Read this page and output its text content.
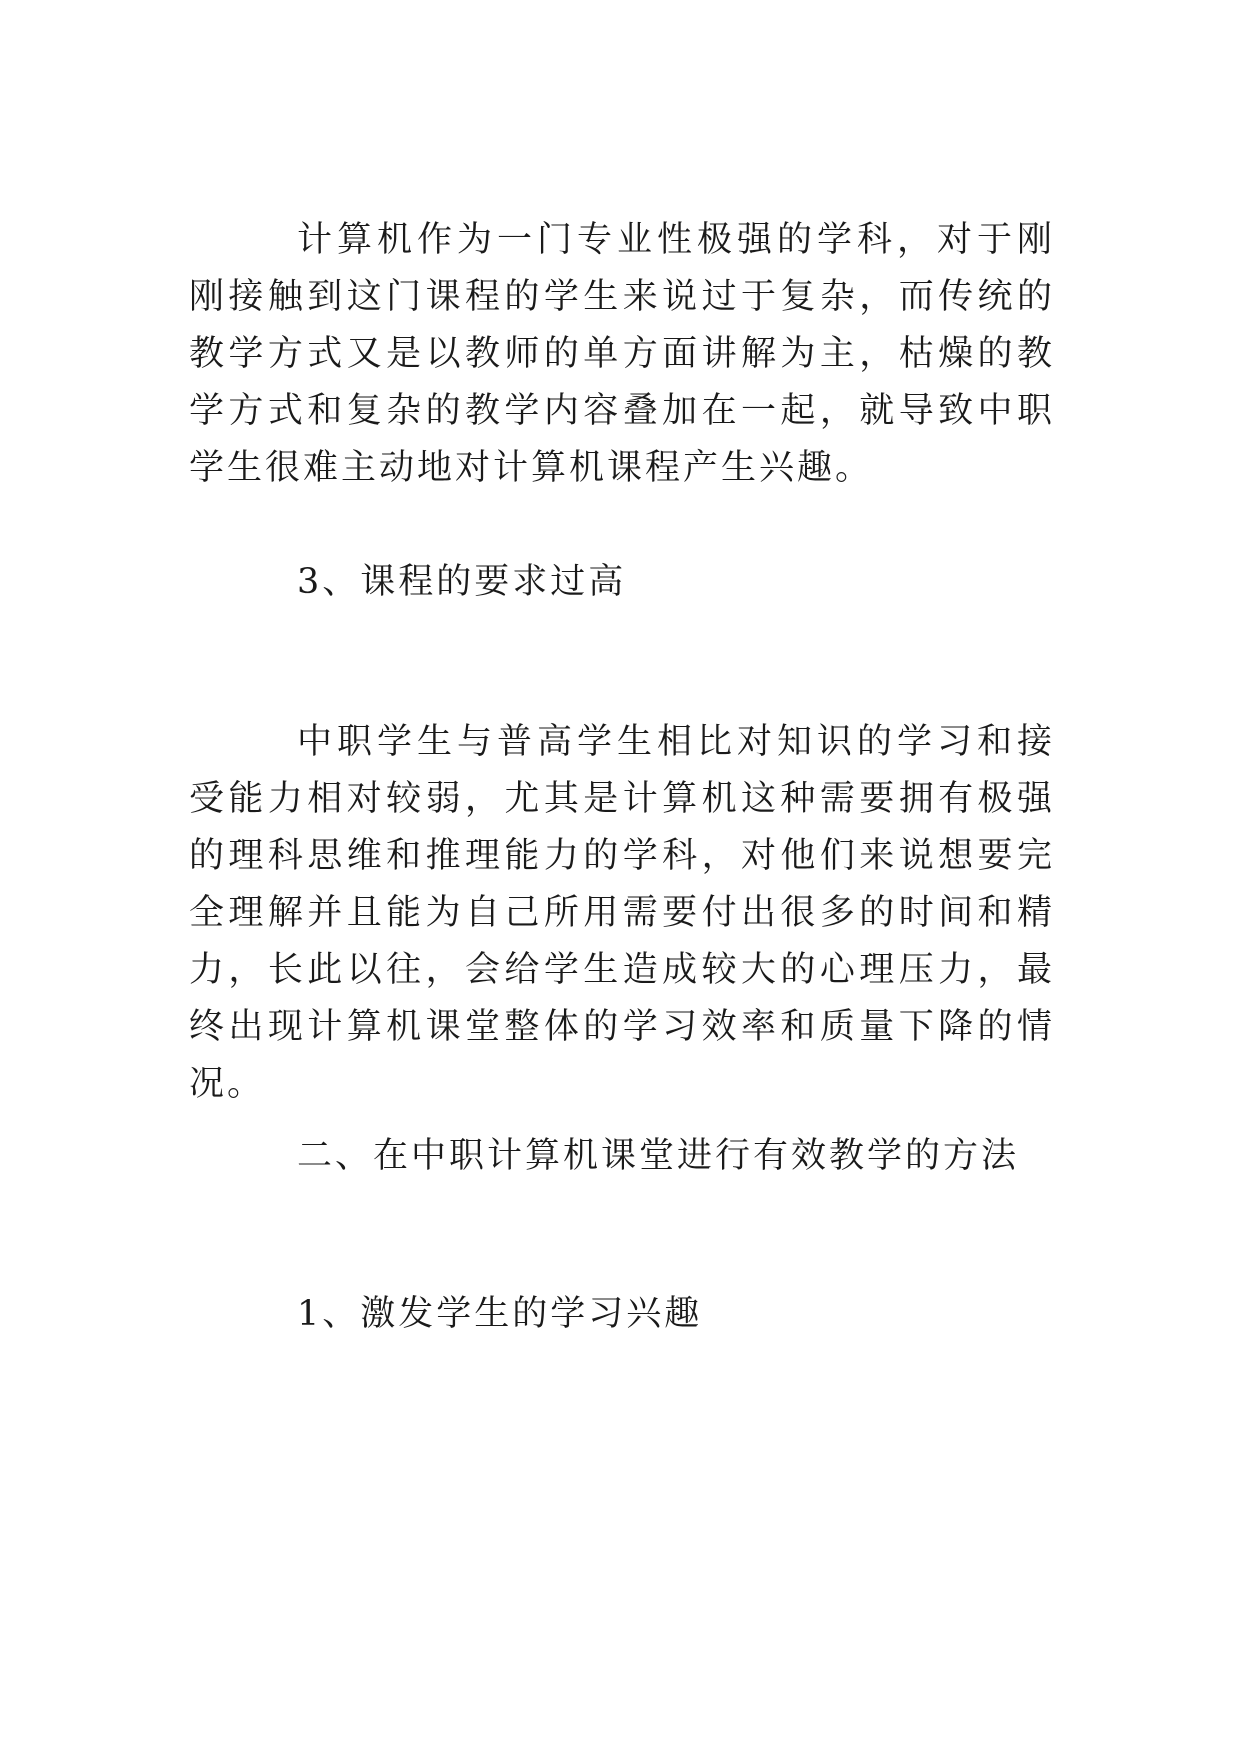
计算机作为一门专业性极强的学科，对于刚刚接触到这门课程的学生来说过于复杂，而传统的教学方式又是以教师的单方面讲解为主，枯燥的教学方式和复杂的教学内容叠加在一起，就导致中职学生很难主动地对计算机课程产生兴趣。

3、课程的要求过高

中职学生与普高学生相比对知识的学习和接受能力相对较弱，尤其是计算机这种需要拥有极强的理科思维和推理能力的学科，对他们来说想要完全理解并且能为自己所用需要付出很多的时间和精力，长此以往，会给学生造成较大的心理压力，最终出现计算机课堂整体的学习效率和质量下降的情况。

二、在中职计算机课堂进行有效教学的方法

1、激发学生的学习兴趣
